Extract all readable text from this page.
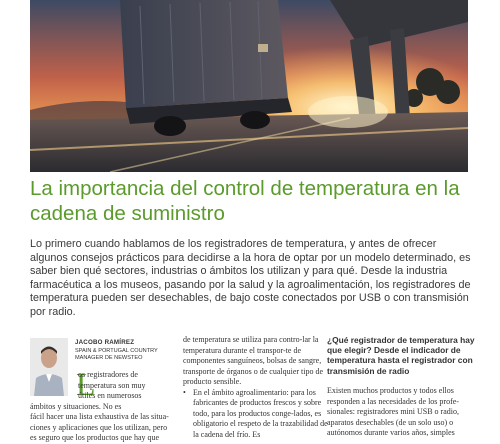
La importancia del control de temperatura en la cadena de suministro

Lo primero cuando hablamos de los registradores de temperatura, y antes de ofrecer algunos consejos prácticos para decidirse a la hora de optar por un modelo determinado, es saber bien qué sectores, industrias o ámbitos los utilizan y para qué. Desde la industria farmacéutica a los museos, pasando por la salud y la agroalimentación, los registradores de temperatura pueden ser desechables, de bajo coste conectados por USB o con transmisión por radio.

JACOBO RAMÍREZ
SPAIN & PORTUGAL COUNTRY MANAGER DE NEWSTEO
L
os registradores de
temperatura son muy
útiles en numerosos
ámbitos y situaciones. No es
fácil hacer una lista exhaustiva de las situa-
ciones y aplicaciones que los utilizan, pero
es seguro que los productos que hay que

de temperatura se utiliza para contro-lar la temperatura durante el transpor-te de componentes sanguíneos, bolsas de sangre, transporte de órganos o de cualquier tipo de producto sensible.

• En el ámbito agroalimentario: para los fabricantes de productos frescos y sobre todo, para los productos conge-lados, es obligatorio el respeto de la trazabilidad de la cadena del frío. Es

¿Qué registrador de temperatura hay que elegir? Desde el indicador de temperatura hasta el registrador con transmisión de radio
Existen muchos productos y todos ellos responden a las necesidades de los profe-sionales: registradores mini USB o radio, aparatos desechables (de un solo uso) o autónomos durante varios años, simples
